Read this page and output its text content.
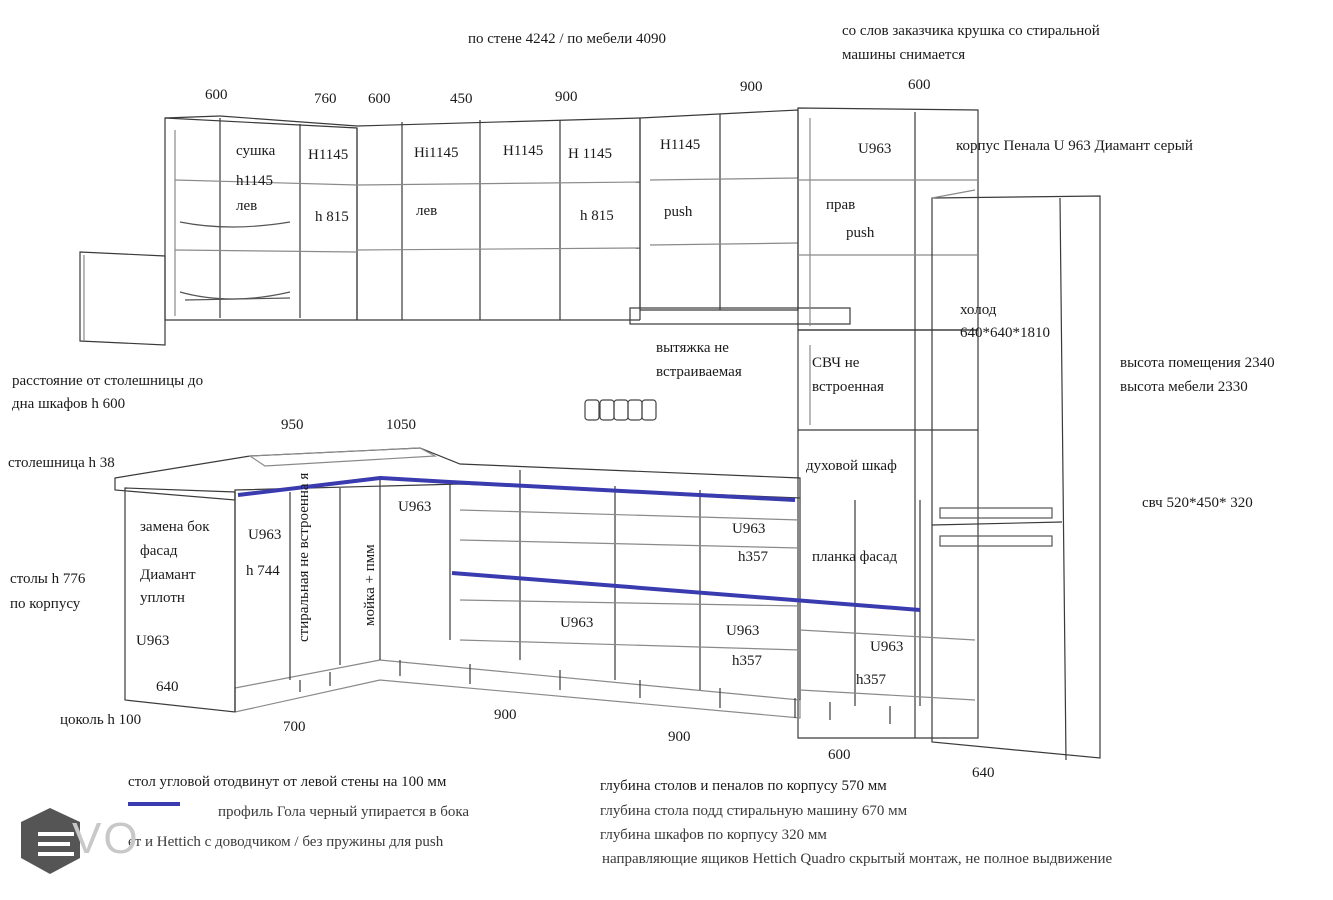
по стене 4242 / по мебели 4090	со слов заказчика крушка со стиральной
машины снимается
600	760 600	450	900
900	600
сушка
h1145
лев
H1145
h 815
Hi1145
лев
H1145 H 1145
h 815
H1145
push
U963
прав
push
корпус Пенала U 963 Диамант серый
холод
640*640*1810
высота помещения 2340
высота мебели 2330
свч 520*450* 320
расстояние от столешницы до
дна шкафов h 600
вытяжка не
встраиваемая
СВЧ не
встроенная
духовой шкаф
столешница h 38
столы h 776
по корпусу
цоколь h 100
планка фасад
950	1050
замена бок
фасад
Диамант
уплотн
U963
640
U963
h 744 стиральная не встроенна я	мойка + пмм
U963
U963
U963
h357
U963
h357
U963
h357
700
900
900
600
640
стол угловой отодвинут от левой стены на 100 мм
профиль Гола черный упирается в бока
ет и Hettich с доводчиком / без пружины для push
глубина столов и пеналов по корпусу 570 мм
глубина стола подд стиральную машину 670 мм
глубина шкафов по корпусу 320 мм
направляющие ящиков Hettich Quadro скрытый монтаж, не полное выдвижение
VO
